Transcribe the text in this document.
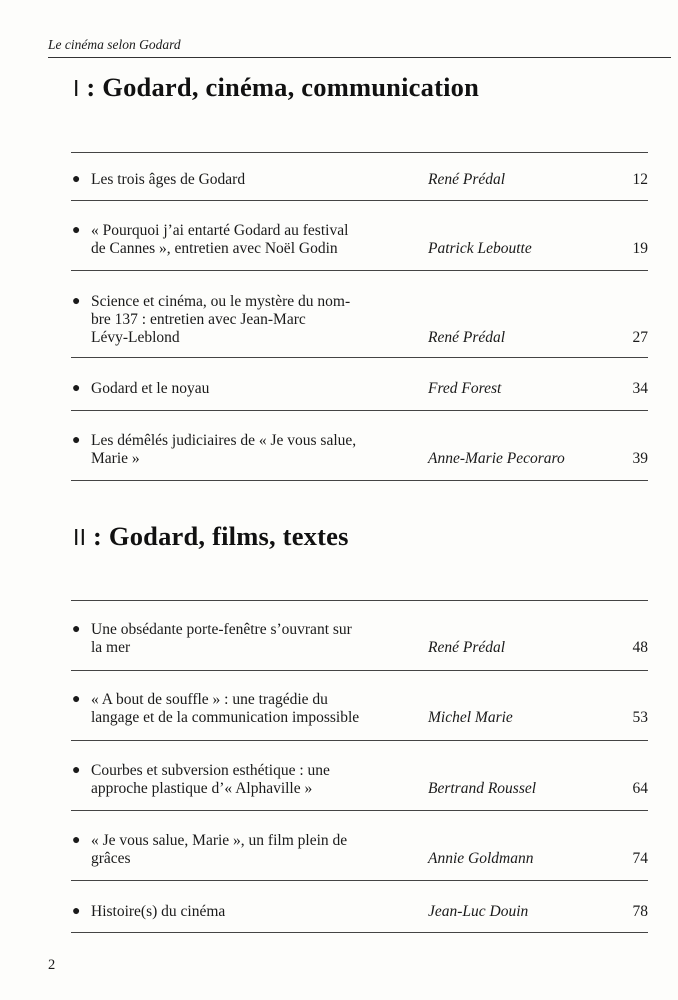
Le cinéma selon Godard
I : Godard, cinéma, communication
● Les trois âges de Godard	René Prédal	12
● « Pourquoi j’ai entarté Godard au festival
de Cannes », entretien avec Noël Godin	Patrick Leboutte	19
● Science et cinéma, ou le mystère du nom-
bre 137 : entretien avec Jean-Marc
Lévy-Leblond	René Prédal	27
● Godard et le noyau	Fred Forest	34
● Les démêlés judiciaires de « Je vous salue,
Marie »	Anne-Marie Pecoraro	39
II : Godard, films, textes
● Une obsédante porte-fenêtre s’ouvrant sur
la mer	René Prédal	48
● « A bout de souffle » : une tragédie du
langage et de la communication impossible	Michel Marie	53
● Courbes et subversion esthétique : une
approche plastique d’« Alphaville »	Bertrand Roussel	64
● « Je vous salue, Marie », un film plein de
grâces	Annie Goldmann	74
● Histoire(s) du cinéma	Jean-Luc Douin	78
2
